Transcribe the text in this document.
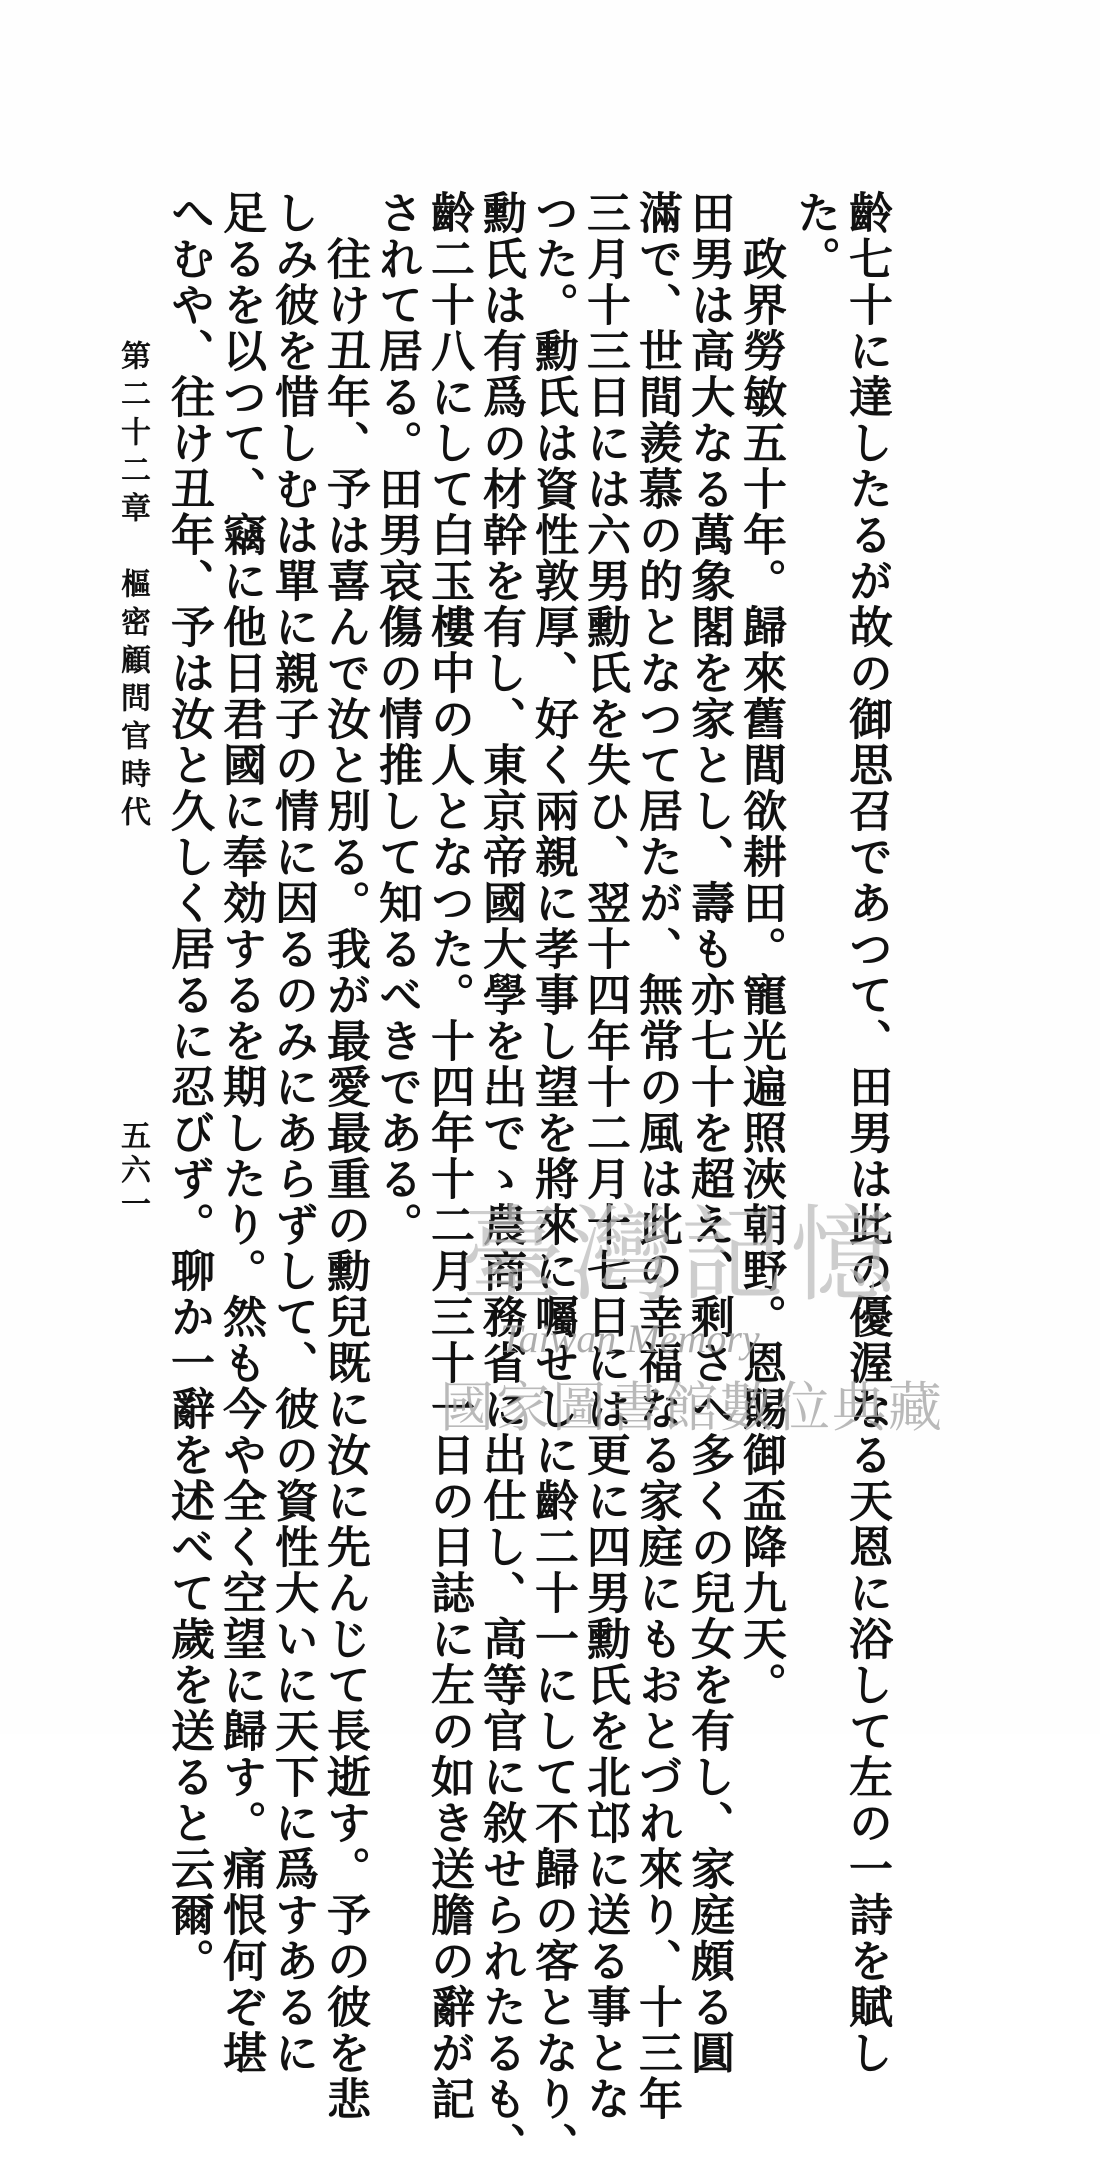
齡七十に達したるが故の御思召であつて、田男は此の優渥なる天恩に浴して左の一詩を賦し
た。
　政界勞敏五十年。歸來舊閭欲耕田。寵光遍照浹朝野。恩賜御盃降九天。
田男は高大なる萬象閣を家とし、壽も亦七十を超え、剩さへ多くの兒女を有し、家庭頗る圓
滿で、世間羨慕の的となつて居たが、無常の風は此の幸福なる家庭にもおとづれ來り、十三年
三月十三日には六男勳氏を失ひ、翌十四年十二月十七日には更に四男勳氏を北邙に送る事とな
つた。勳氏は資性敦厚、好く兩親に孝事し望を將來に囑せしに齡二十一にして不歸の客となり、
勳氏は有爲の材幹を有し、東京帝國大學を出でゝ農商務省に出仕し、高等官に敘せられたるも、
齡二十八にして白玉樓中の人となつた。十四年十二月三十一日の日誌に左の如き送膽の辭が記
されて居る。田男哀傷の情推して知るべきである。
　往け丑年、予は喜んで汝と別る。我が最愛最重の勳兒既に汝に先んじて長逝す。予の彼を悲
しみ彼を惜しむは單に親子の情に因るのみにあらずして、彼の資性大いに天下に爲すあるに
足るを以つて、竊に他日君國に奉効するを期したり。然も今や全く空望に歸す。痛恨何ぞ堪
へむや、往け丑年、予は汝と久しく居るに忍びず。聊か一辭を述べて歲を送ると云爾。
第二十二章　樞密顧問官時代
五六一
臺灣記憶
Taiwan Memory
國家圖書館數位典藏
